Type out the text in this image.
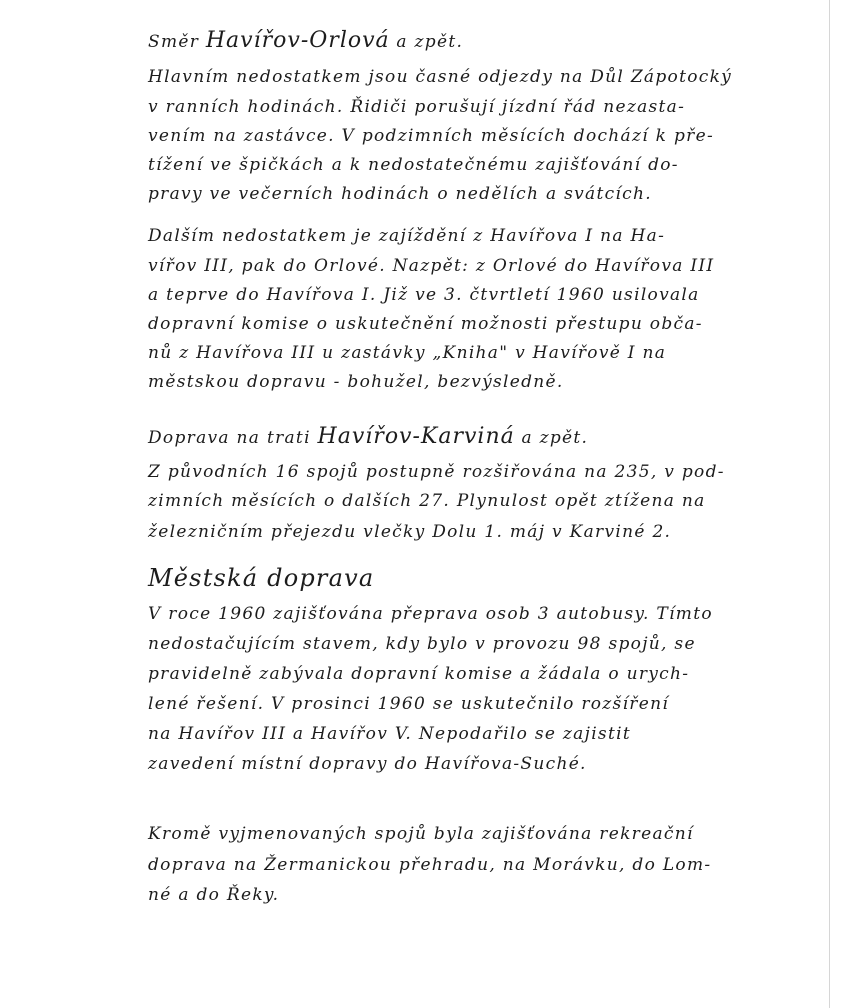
Směr Havířov-Orlová a zpět.
Hlavním nedostatkem jsou časné odjezdy na Důl Zápotocký
v ranních hodinách. Řidiči porušují jízdní řád nezasta-
vením na zastávce. V podzimních měsících dochází k pře-
tížení ve špičkách a k nedostatečnému zajišťování do-
pravy ve večerních hodinách o nedělích a svátcích.
Dalším nedostatkem je zajíždění z Havířova I na Ha-
vířov III, pak do Orlové. Nazpět: z Orlové do Havířova III
a teprve do Havířova I. Již ve 3. čtvrtletí 1960 usilovala
dopravní komise o uskutečnění možnosti přestupu obča-
nů z Havířova III u zastávky „Knihа" v Havířově I na
městskou dopravu - bohužel, bezvýsledně.
Doprava na trati Havířov-Karviná a zpět.
Z původních 16 spojů postupně rozšiřována na 235, v pod-
zimních měsících o dalších 27. Plynulost opět ztížena na
železničním přejezdu vlečky Dolu 1. máj v Karviné 2.
Městská doprava
V roce 1960 zajišťována přeprava osob 3 autobusy. Tímto
nedostačujícím stavem, kdy bylo v provozu 98 spojů, se
pravidelně zabývala dopravní komise a žádala o urych-
lené řešení. V prosinci 1960 se uskutečnilo rozšíření
na Havířov III a Havířov V. Nepodařilo se zajistit
zavedení místní dopravy do Havířova-Suché.
Kromě vyjmenovaných spojů byla zajišťována rekreační
doprava na Žermanickou přehradu, na Morávku, do Lom-
né a do Řeky.
